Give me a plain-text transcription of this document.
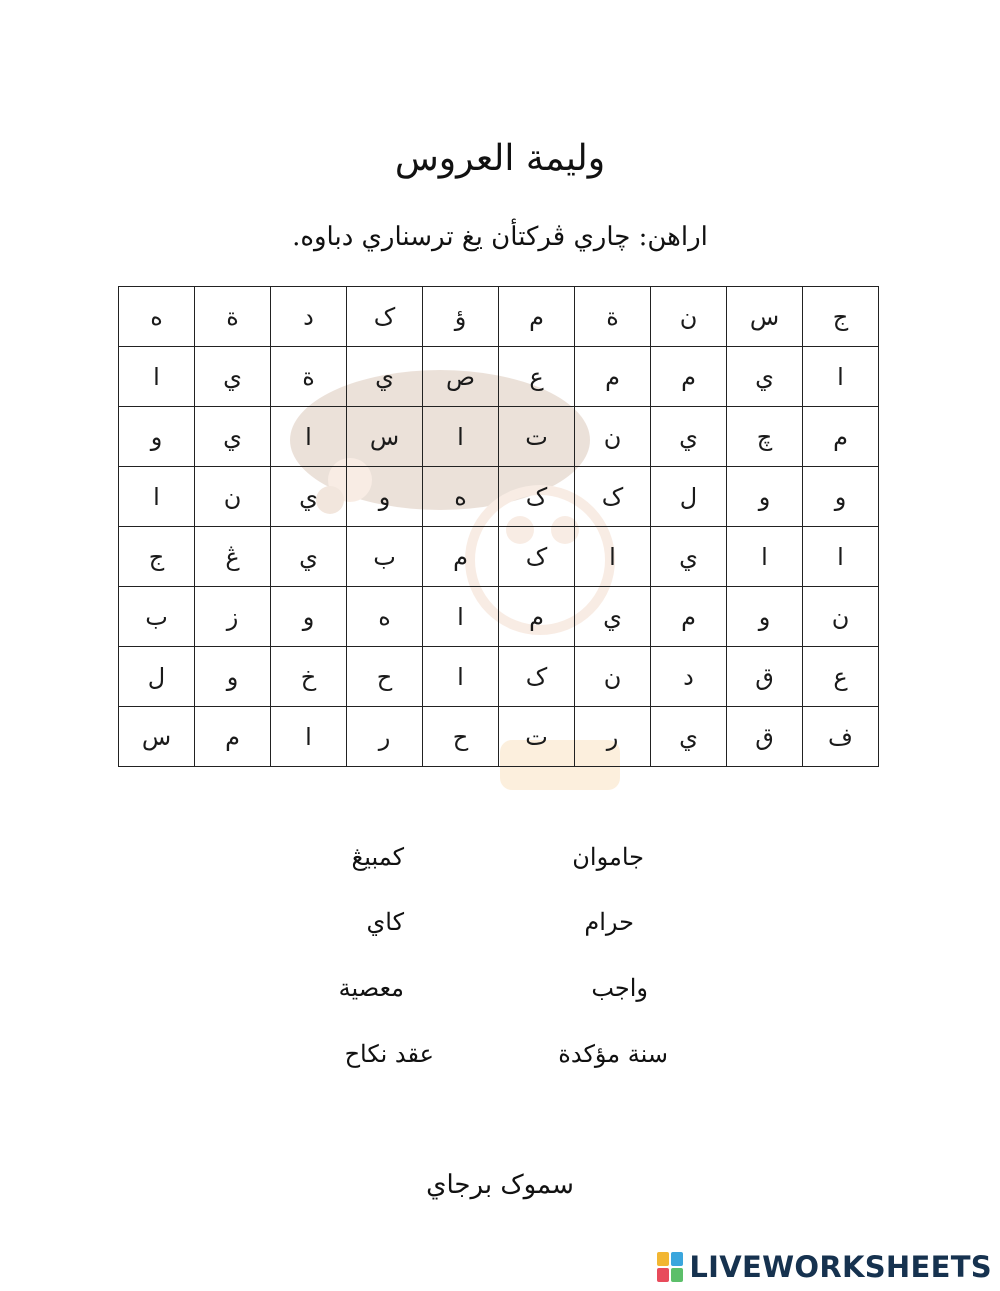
وليمة العروس
اراهن: چاري ڤركتأن يغ ترسناري دباوه.
ج	س	ن	ة	م	ؤ	ک	د	ة	ه
ا	ي	م	م	ع	ص	ي	ة	ي	ا
م	چ	ي	ن	ت	ا	س	ا	ي	و
و	و	ل	ک	ک	ه	و	ي	ن	ا
ا	ا	ي	ا	ک	م	ب	ي	ڠ	ج
ن	و	م	ي	م	ا	ه	و	ز	ب
ع	ق	د	ن	ک	ا	ح	خ	و	ل
ف	ق	ي	ر	ت	ح	ر	ا	م	س
جاموان
حرام
واجب
سنة مؤكدة
کمبيڠ
کاي
معصية
عقد نکاح
سموک برجاي
LIVEWORKSHEETS
